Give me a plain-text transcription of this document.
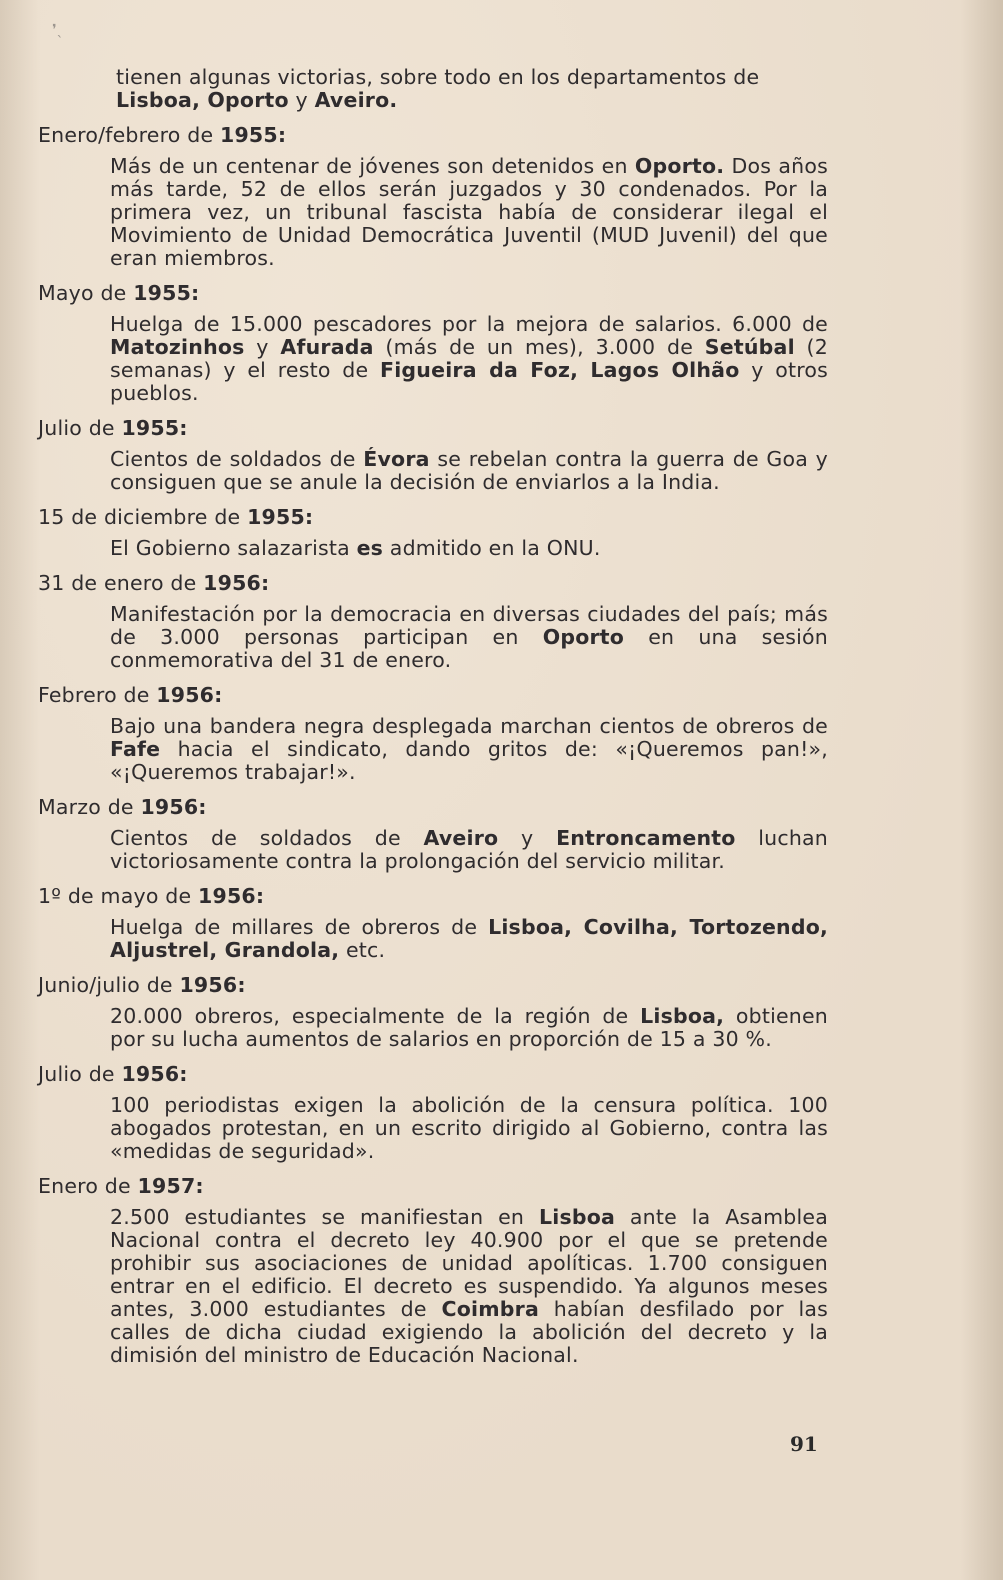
❜ˎ

tienen algunas victorias, sobre todo en los departamentos de Lisboa, Oporto y Aveiro.

Enero/febrero de 1955:
Más de un centenar de jóvenes son detenidos en Oporto. Dos años más tarde, 52 de ellos serán juzgados y 30 condenados. Por la primera vez, un tribunal fascista había de considerar ilegal el Movimiento de Unidad Democrática Juventil (MUD Juvenil) del que eran miembros.
Mayo de 1955:
Huelga de 15.000 pescadores por la mejora de salarios. 6.000 de Matozinhos y Afurada (más de un mes), 3.000 de Setúbal (2 semanas) y el resto de Figueira da Foz, Lagos Olhão y otros pueblos.
Julio de 1955:
Cientos de soldados de Évora se rebelan contra la guerra de Goa y consiguen que se anule la decisión de enviarlos a la India.
15 de diciembre de 1955:
El Gobierno salazarista es admitido en la ONU.
31 de enero de 1956:
Manifestación por la democracia en diversas ciudades del país; más de 3.000 personas participan en Oporto en una sesión conmemorativa del 31 de enero.
Febrero de 1956:
Bajo una bandera negra desplegada marchan cientos de obreros de Fafe hacia el sindicato, dando gritos de: «¡Queremos pan!», «¡Queremos trabajar!».
Marzo de 1956:
Cientos de soldados de Aveiro y Entroncamento luchan victoriosamente contra la prolongación del servicio militar.
1º de mayo de 1956:
Huelga de millares de obreros de Lisboa, Covilha, Tortozendo, Aljustrel, Grandola, etc.
Junio/julio de 1956:
20.000 obreros, especialmente de la región de Lisboa, obtienen por su lucha aumentos de salarios en proporción de 15 a 30 %.
Julio de 1956:
100 periodistas exigen la abolición de la censura política. 100 abogados protestan, en un escrito dirigido al Gobierno, contra las «medidas de seguridad».
Enero de 1957:
2.500 estudiantes se manifiestan en Lisboa ante la Asamblea Nacional contra el decreto ley 40.900 por el que se pretende prohibir sus asociaciones de unidad apolíticas. 1.700 consiguen entrar en el edificio. El decreto es suspendido. Ya algunos meses antes, 3.000 estudiantes de Coimbra habían desfilado por las calles de dicha ciudad exigiendo la abolición del decreto y la dimisión del ministro de Educación Nacional.
91
